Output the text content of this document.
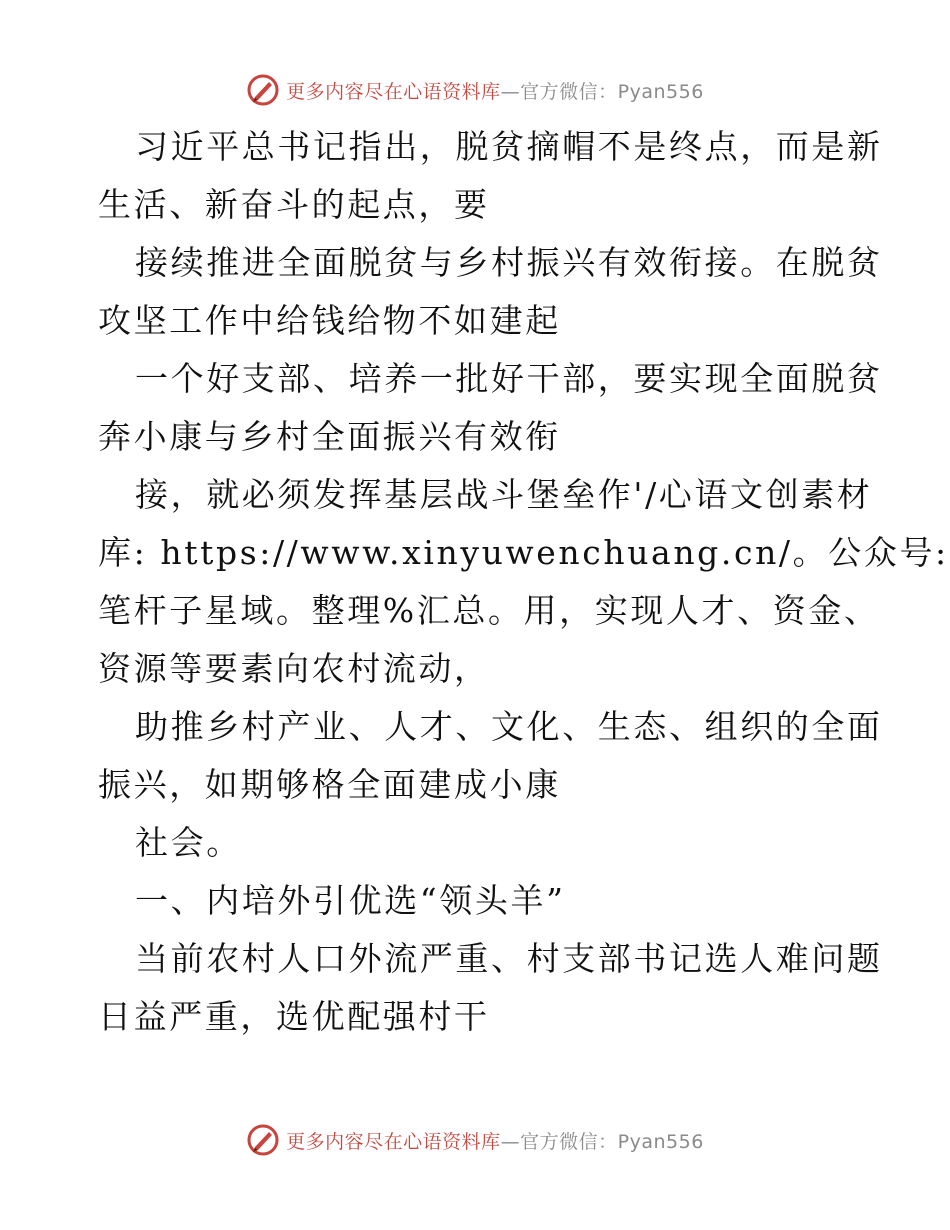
更多内容尽在心语资料库—官方微信：Pyan556
习近平总书记指出，脱贫摘帽不是终点，而是新
生活、新奋斗的起点，要
接续推进全面脱贫与乡村振兴有效衔接。在脱贫
攻坚工作中给钱给物不如建起
一个好支部、培养一批好干部，要实现全面脱贫
奔小康与乡村全面振兴有效衔
接，就必须发挥基层战斗堡垒作'/心语文创素材
库: https://www.xinyuwenchuang.cn/。公众号:
笔杆子星域。整理%汇总。用，实现人才、资金、
资源等要素向农村流动，
助推乡村产业、人才、文化、生态、组织的全面
振兴，如期够格全面建成小康
社会。
一、内培外引优选“领头羊”
当前农村人口外流严重、村支部书记选人难问题
日益严重，选优配强村干
更多内容尽在心语资料库—官方微信：Pyan556
